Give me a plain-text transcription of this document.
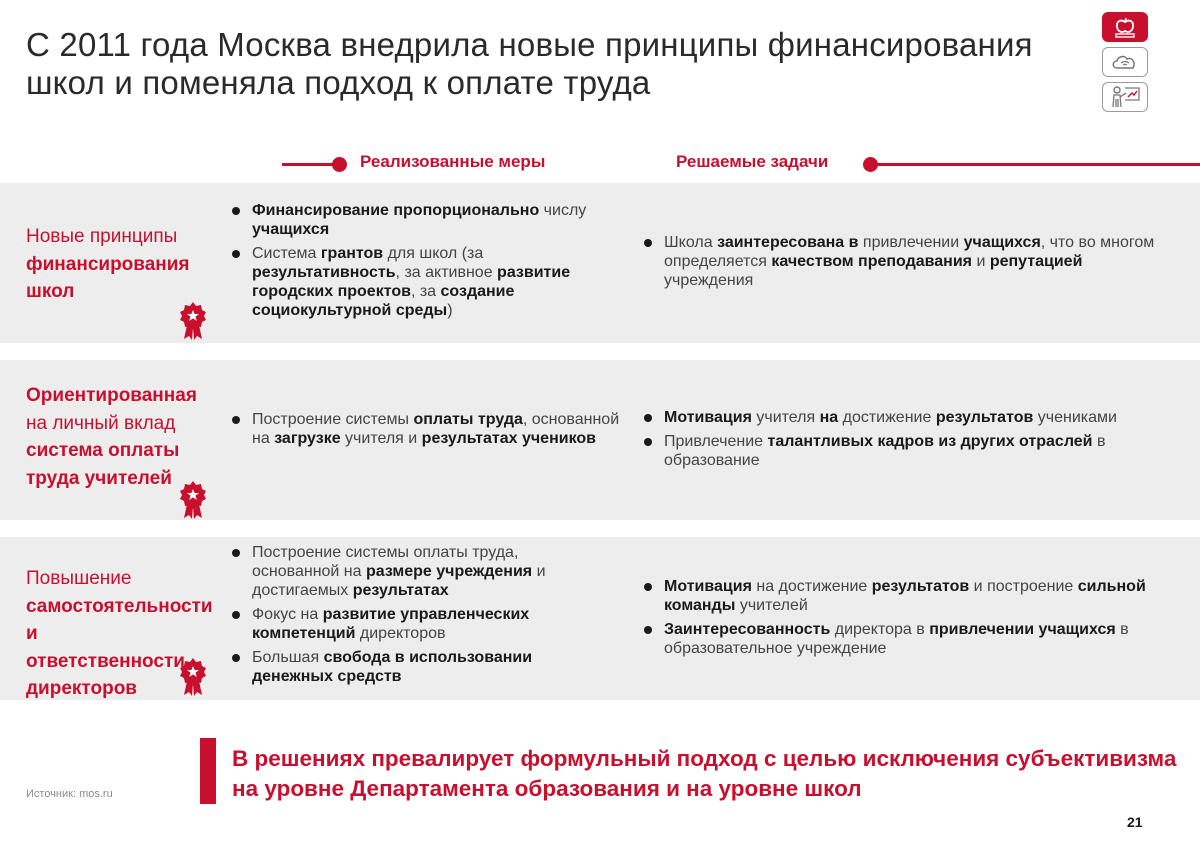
С 2011 года Москва внедрила новые принципы финансирования школ и поменяла подход к оплате труда
Реализованные меры	Решаемые задачи
Новые принципы
финансирования
школ
Финансирование пропорционально числу учащихся
Система грантов для школ (за результативность, за активное развитие городских проектов, за создание социокультурной среды)
Школа заинтересована в привлечении учащихся, что во многом определяется качеством преподавания и репутацией учреждения
Ориентированная
на личный вклад
система оплаты труда учителей
Построение системы оплаты труда, основанной на загрузке учителя и результатах учеников
Мотивация учителя на достижение результатов учениками
Привлечение талантливых кадров из других отраслей в образование
Повышение
самостоятельности
и ответственности директоров
Построение системы оплаты труда, основанной на размере учреждения и достигаемых результатах
Фокус на развитие управленческих компетенций директоров
Большая свобода в использовании денежных средств
Мотивация на достижение результатов и построение сильной команды учителей
Заинтересованность директора в привлечении учащихся в образовательное учреждение
Источник: mos.ru
В решениях превалирует формульный подход с целью исключения субъективизма на уровне Департамента образования и на уровне школ
21
